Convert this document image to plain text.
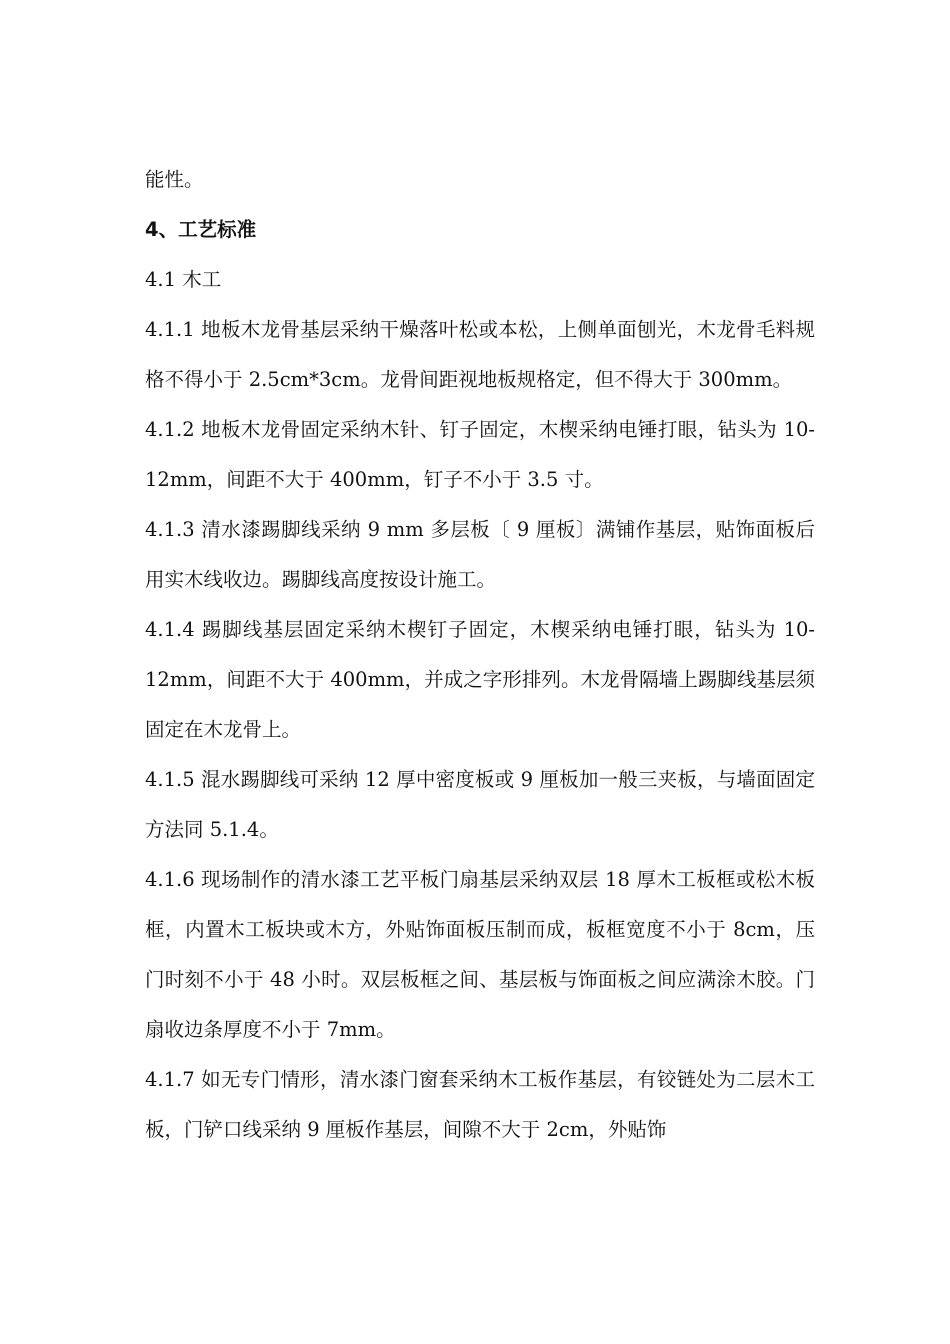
能性。

4、工艺标准

4.1 木工

4.1.1 地板木龙骨基层采纳干燥落叶松或本松，上侧单面刨光，木龙骨毛料规格不得小于 2.5cm*3cm。龙骨间距视地板规格定，但不得大于 300mm。

4.1.2 地板木龙骨固定采纳木针、钉子固定，木楔采纳电锤打眼，钻头为 10-12mm，间距不大于 400mm，钉子不小于 3.5 寸。

4.1.3 清水漆踢脚线采纳 9 mm 多层板〔 9 厘板〕满铺作基层，贴饰面板后用实木线收边。踢脚线高度按设计施工。

4.1.4 踢脚线基层固定采纳木楔钉子固定，木楔采纳电锤打眼，钻头为 10-12mm，间距不大于 400mm，并成之字形排列。木龙骨隔墙上踢脚线基层须固定在木龙骨上。

4.1.5 混水踢脚线可采纳 12 厚中密度板或 9 厘板加一般三夹板，与墙面固定方法同 5.1.4。

4.1.6 现场制作的清水漆工艺平板门扇基层采纳双层 18 厚木工板框或松木板框，内置木工板块或木方，外贴饰面板压制而成，板框宽度不小于 8cm，压门时刻不小于 48 小时。双层板框之间、基层板与饰面板之间应满涂木胶。门扇收边条厚度不小于 7mm。

4.1.7 如无专门情形，清水漆门窗套采纳木工板作基层，有铰链处为二层木工板，门铲口线采纳 9 厘板作基层，间隙不大于 2cm，外贴饰
